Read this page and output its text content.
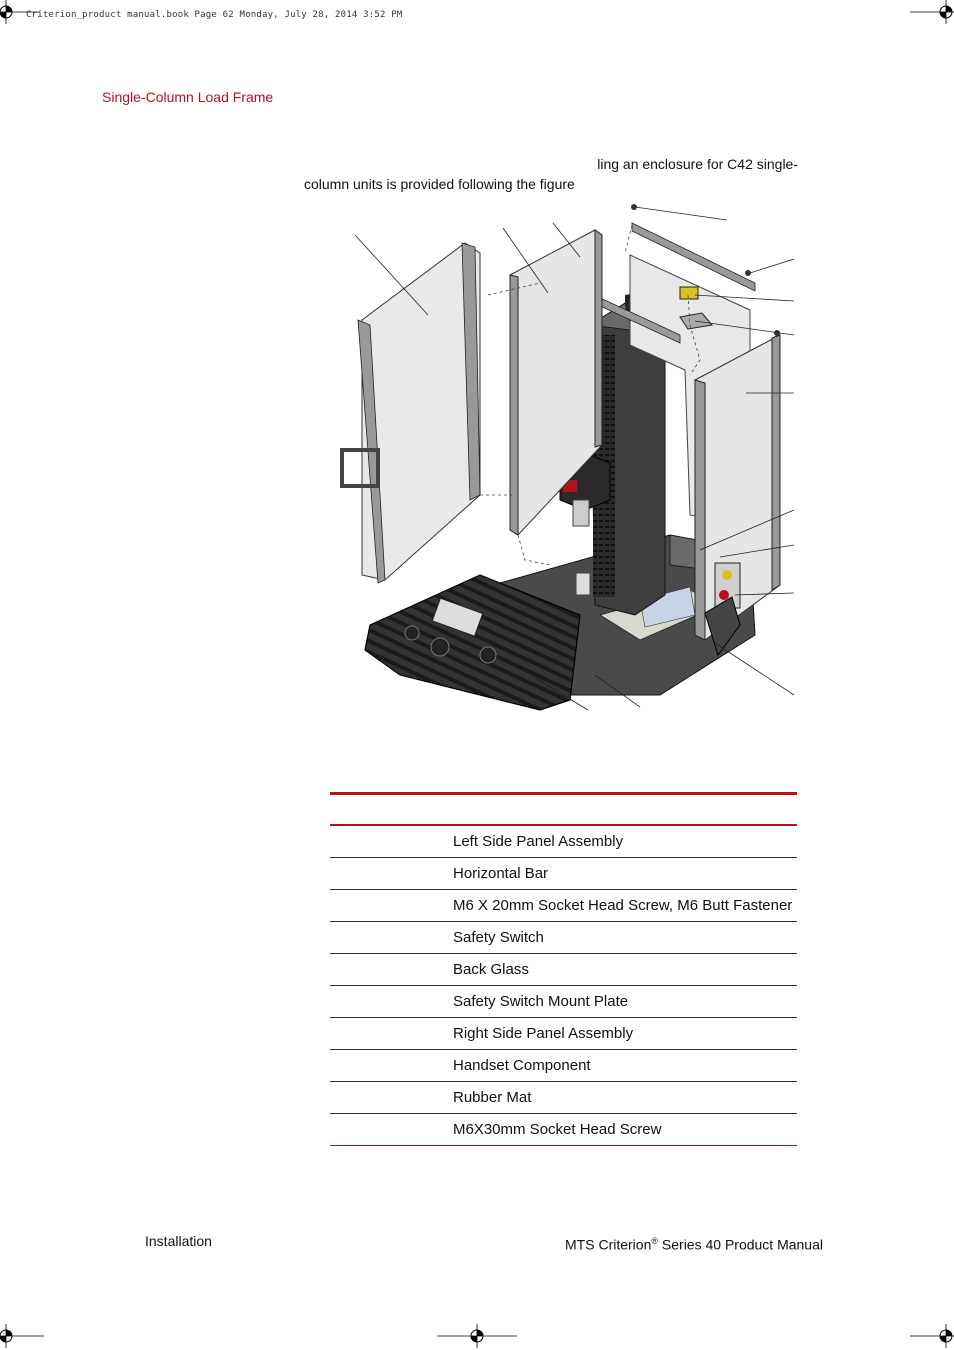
Criterion_product manual.book Page 62 Monday, July 28, 2014 3:52 PM
Single-Column Load Frame
ling an enclosure for C42 single-
column units is provided following the figure
Left Side Panel Assembly
Horizontal Bar
M6 X 20mm Socket Head Screw, M6 Butt Fastener
Safety Switch
Back Glass
Safety Switch Mount Plate
Right Side Panel Assembly
Handset Component
Rubber Mat
M6X30mm Socket Head Screw
Installation	MTS Criterion® Series 40 Product Manual
